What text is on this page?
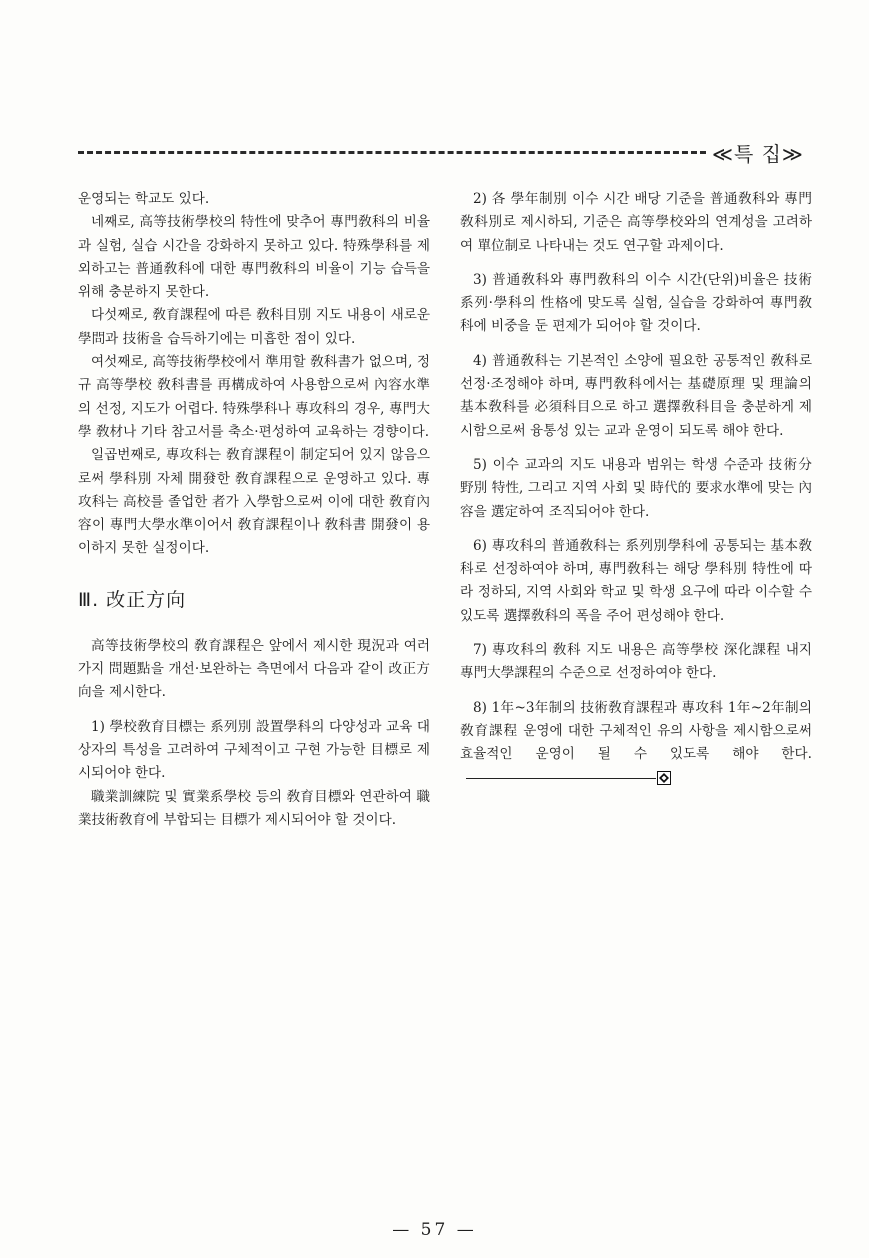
≪특 집≫

운영되는 학교도 있다.

네째로, 高等技術學校의 特性에 맞추어 專門敎科의 비율과 실험, 실습 시간을 강화하지 못하고 있다. 特殊學科를 제외하고는 普通敎科에 대한 專門敎科의 비율이 기능 습득을 위해 충분하지 못한다.

다섯째로, 敎育課程에 따른 敎科目別 지도 내용이 새로운 學問과 技術을 습득하기에는 미흡한 점이 있다.

여섯째로, 高等技術學校에서 準用할 敎科書가 없으며, 정규 高等學校 敎科書를 再構成하여 사용함으로써 內容水準의 선정, 지도가 어렵다. 特殊學科나 專攻科의 경우, 專門大學 敎材나 기타 참고서를 축소·편성하여 교육하는 경향이다.

일곱번째로, 專攻科는 敎育課程이 制定되어 있지 않음으로써 學科別 자체 開發한 敎育課程으로 운영하고 있다. 專攻科는 高校를 졸업한 者가 入學함으로써 이에 대한 敎育內容이 專門大學水準이어서 敎育課程이나 敎科書 開發이 용이하지 못한 실정이다.

Ⅲ. 改正方向

高等技術學校의 敎育課程은 앞에서 제시한 現況과 여러 가지 問題點을 개선·보완하는 측면에서 다음과 같이 改正方向을 제시한다.

1) 學校敎育目標는 系列別 設置學科의 다양성과 교육 대상자의 특성을 고려하여 구체적이고 구현 가능한 目標로 제시되어야 한다.

職業訓練院 및 實業系學校 등의 敎育目標와 연관하여 職業技術敎育에 부합되는 目標가 제시되어야 할 것이다.

2) 各 學年制別 이수 시간 배당 기준을 普通敎科와 專門敎科別로 제시하되, 기준은 高等學校와의 연계성을 고려하여 單位制로 나타내는 것도 연구할 과제이다.

3) 普通敎科와 專門敎科의 이수 시간(단위)비율은 技術系列·學科의 性格에 맞도록 실험, 실습을 강화하여 專門敎科에 비중을 둔 편제가 되어야 할 것이다.

4) 普通敎科는 기본적인 소양에 필요한 공통적인 敎科로 선정·조정해야 하며, 專門敎科에서는 基礎原理 및 理論의 基本敎科를 必須科目으로 하고 選擇敎科目을 충분하게 제시함으로써 융통성 있는 교과 운영이 되도록 해야 한다.

5) 이수 교과의 지도 내용과 범위는 학생 수준과 技術分野別 特性, 그리고 지역 사회 및 時代的 要求水準에 맞는 內容을 選定하여 조직되어야 한다.

6) 專攻科의 普通敎科는 系列別學科에 공통되는 基本敎科로 선정하여야 하며, 專門敎科는 해당 學科別 特性에 따라 정하되, 지역 사회와 학교 및 학생 요구에 따라 이수할 수 있도록 選擇敎科의 폭을 주어 편성해야 한다.

7) 專攻科의 敎科 지도 내용은 高等學校 深化課程 내지 專門大學課程의 수준으로 선정하여야 한다.

8) 1年~3年制의 技術敎育課程과 專攻科 1年~2年制의 敎育課程 운영에 대한 구체적인 유의 사항을 제시함으로써 효율적인 운영이 될 수 있도록 해야 한다.

— 57 —
